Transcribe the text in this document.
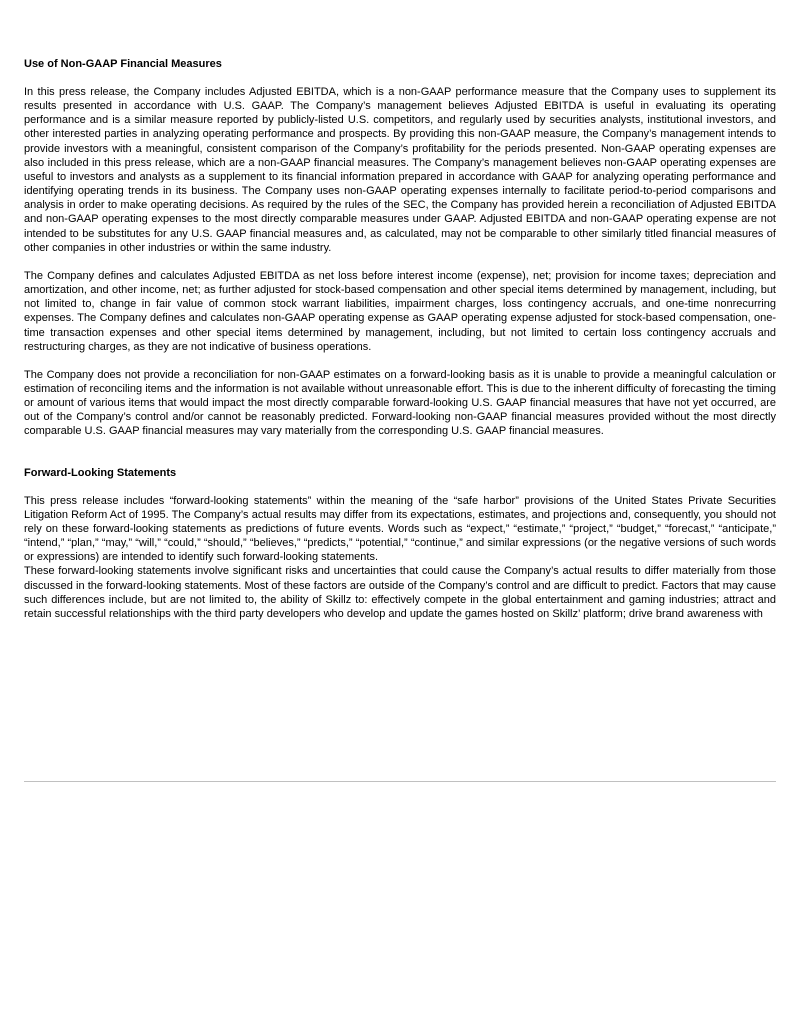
Use of Non-GAAP Financial Measures

In this press release, the Company includes Adjusted EBITDA, which is a non-GAAP performance measure that the Company uses to supplement its results presented in accordance with U.S. GAAP. The Company’s management believes Adjusted EBITDA is useful in evaluating its operating performance and is a similar measure reported by publicly-listed U.S. competitors, and regularly used by securities analysts, institutional investors, and other interested parties in analyzing operating performance and prospects. By providing this non-GAAP measure, the Company’s management intends to provide investors with a meaningful, consistent comparison of the Company’s profitability for the periods presented. Non-GAAP operating expenses are also included in this press release, which are a non-GAAP financial measures. The Company’s management believes non-GAAP operating expenses are useful to investors and analysts as a supplement to its financial information prepared in accordance with GAAP for analyzing operating performance and identifying operating trends in its business. The Company uses non-GAAP operating expenses internally to facilitate period-to-period comparisons and analysis in order to make operating decisions. As required by the rules of the SEC, the Company has provided herein a reconciliation of Adjusted EBITDA and non-GAAP operating expenses to the most directly comparable measures under GAAP. Adjusted EBITDA and non-GAAP operating expense are not intended to be substitutes for any U.S. GAAP financial measures and, as calculated, may not be comparable to other similarly titled financial measures of other companies in other industries or within the same industry.

The Company defines and calculates Adjusted EBITDA as net loss before interest income (expense), net; provision for income taxes; depreciation and amortization, and other income, net; as further adjusted for stock-based compensation and other special items determined by management, including, but not limited to, change in fair value of common stock warrant liabilities, impairment charges, loss contingency accruals, and one-time nonrecurring expenses. The Company defines and calculates non-GAAP operating expense as GAAP operating expense adjusted for stock-based compensation, one-time transaction expenses and other special items determined by management, including, but not limited to certain loss contingency accruals and restructuring charges, as they are not indicative of business operations.

The Company does not provide a reconciliation for non-GAAP estimates on a forward-looking basis as it is unable to provide a meaningful calculation or estimation of reconciling items and the information is not available without unreasonable effort. This is due to the inherent difficulty of forecasting the timing or amount of various items that would impact the most directly comparable forward-looking U.S. GAAP financial measures that have not yet occurred, are out of the Company’s control and/or cannot be reasonably predicted. Forward-looking non-GAAP financial measures provided without the most directly comparable U.S. GAAP financial measures may vary materially from the corresponding U.S. GAAP financial measures.

Forward-Looking Statements

This press release includes “forward-looking statements” within the meaning of the “safe harbor” provisions of the United States Private Securities Litigation Reform Act of 1995. The Company’s actual results may differ from its expectations, estimates, and projections and, consequently, you should not rely on these forward-looking statements as predictions of future events. Words such as “expect,” “estimate,” “project,” “budget,” “forecast,” “anticipate,” “intend,” “plan,” “may,” “will,” “could,” “should,” “believes,” “predicts,” “potential,” “continue,” and similar expressions (or the negative versions of such words or expressions) are intended to identify such forward-looking statements.

These forward-looking statements involve significant risks and uncertainties that could cause the Company’s actual results to differ materially from those discussed in the forward-looking statements. Most of these factors are outside of the Company’s control and are difficult to predict. Factors that may cause such differences include, but are not limited to, the ability of Skillz to: effectively compete in the global entertainment and gaming industries; attract and retain successful relationships with the third party developers who develop and update the games hosted on Skillz’ platform; drive brand awareness with
